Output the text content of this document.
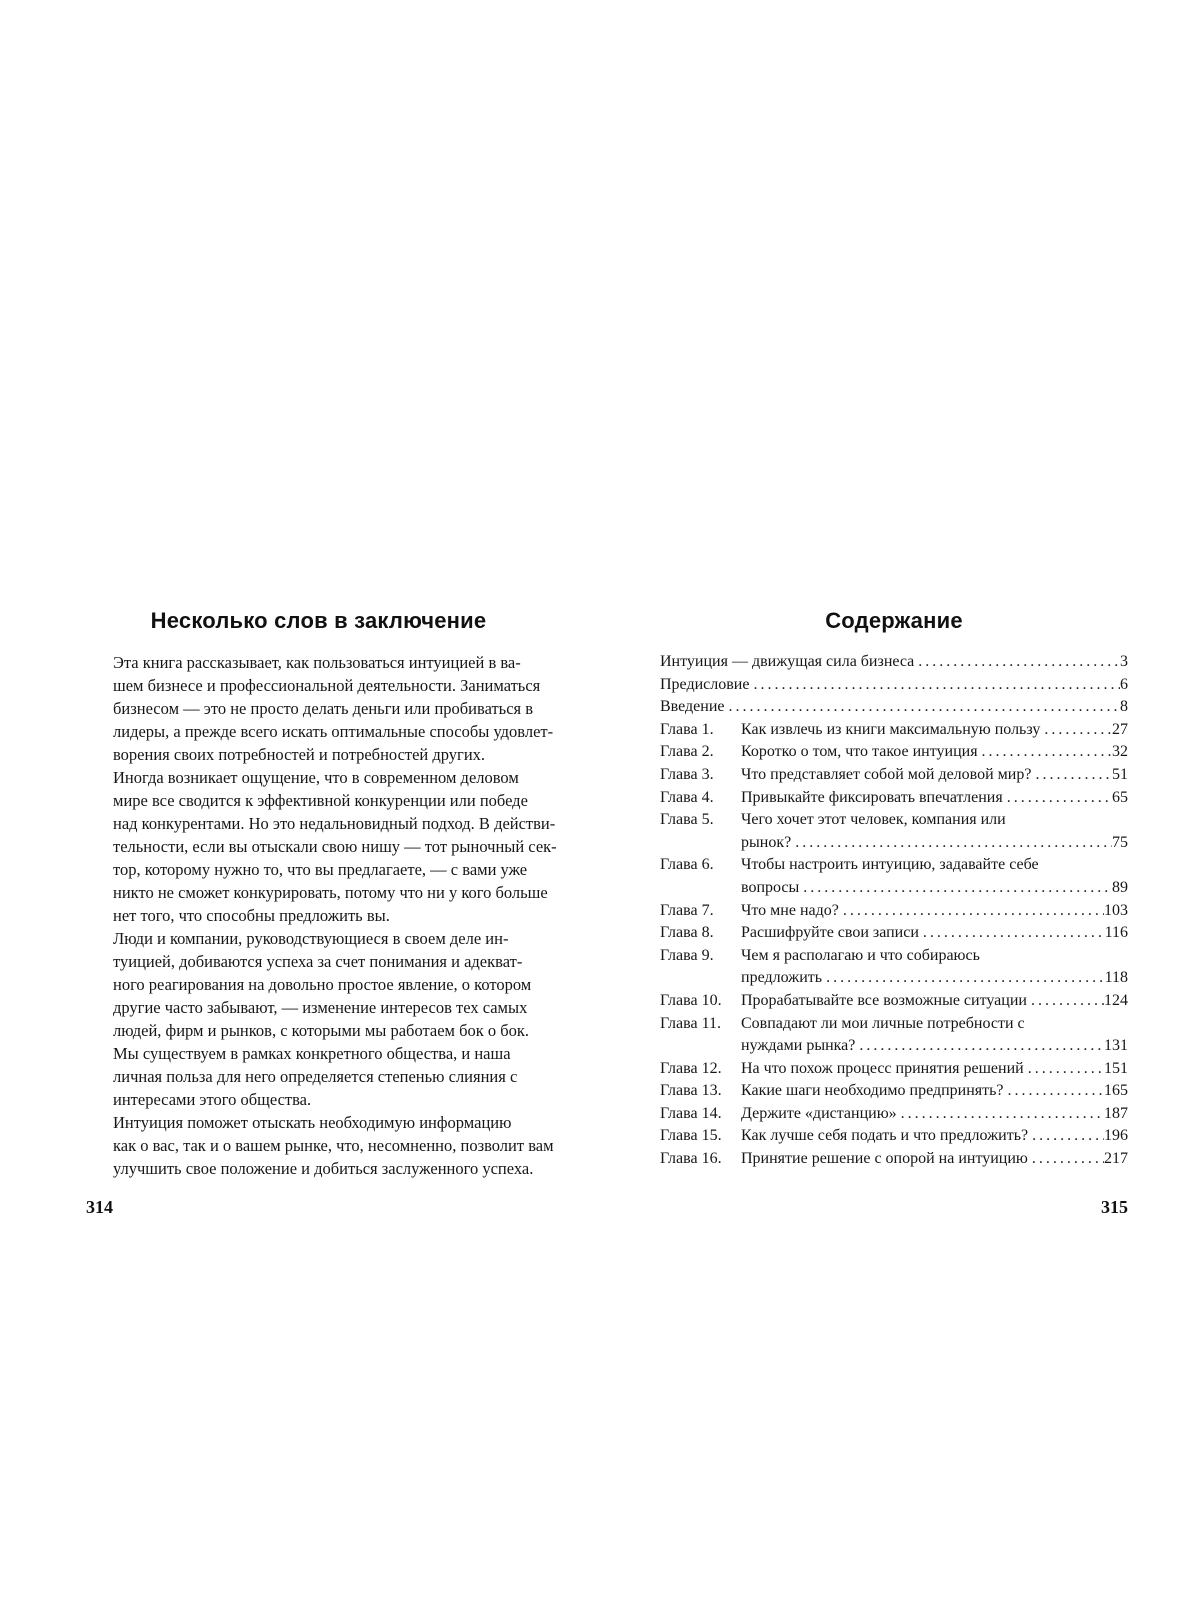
Несколько слов в заключение

Эта книга рассказывает, как пользоваться интуицией в ва-
шем бизнесе и профессиональной деятельности. Заниматься
бизнесом — это не просто делать деньги или пробиваться в
лидеры, а прежде всего искать оптимальные способы удовлет-
ворения своих потребностей и потребностей других.

Иногда возникает ощущение, что в современном деловом
мире все сводится к эффективной конкуренции или победе
над конкурентами. Но это недальновидный подход. В действи-
тельности, если вы отыскали свою нишу — тот рыночный сек-
тор, которому нужно то, что вы предлагаете, — с вами уже
никто не сможет конкурировать, потому что ни у кого больше
нет того, что способны предложить вы.

Люди и компании, руководствующиеся в своем деле ин-
туицией, добиваются успеха за счет понимания и адекват-
ного реагирования на довольно простое явление, о котором
другие часто забывают, — изменение интересов тех самых
людей, фирм и рынков, с которыми мы работаем бок о бок.
Мы существуем в рамках конкретного общества, и наша
личная польза для него определяется степенью слияния с
интересами этого общества.

Интуиция поможет отыскать необходимую информацию
как о вас, так и о вашем рынке, что, несомненно, позволит вам
улучшить свое положение и добиться заслуженного успеха.

314

Содержание
Интуиция — движущая сила бизнеса .....	3
Предисловие .....	6
Введение .....	8
Глава 1.	Как извлечь из книги максимальную пользу .....	27
Глава 2.	Коротко о том, что такое интуиция .....	32
Глава 3.	Что представляет собой мой деловой мир? .....	51
Глава 4.	Привыкайте фиксировать впечатления .....	65
Глава 5.	Чего хочет этот человек, компания или
рынок? .....	75
Глава 6.	Чтобы настроить интуицию, задавайте себе
вопросы .....	89
Глава 7.	Что мне надо? .....	103
Глава 8.	Расшифруйте свои записи .....	116
Глава 9.	Чем я располагаю и что собираюсь
предложить .....	118
Глава 10.	Прорабатывайте все возможные ситуации .....	124
Глава 11.	Совпадают ли мои личные потребности с
нуждами рынка? .....	131
Глава 12.	На что похож процесс принятия решений .....	151
Глава 13.	Какие шаги необходимо предпринять? .....	165
Глава 14.	Держите «дистанцию» .....	187
Глава 15.	Как лучше себя подать и что предложить? .....	196
Глава 16.	Принятие решение с опорой на интуицию .....	217

315
